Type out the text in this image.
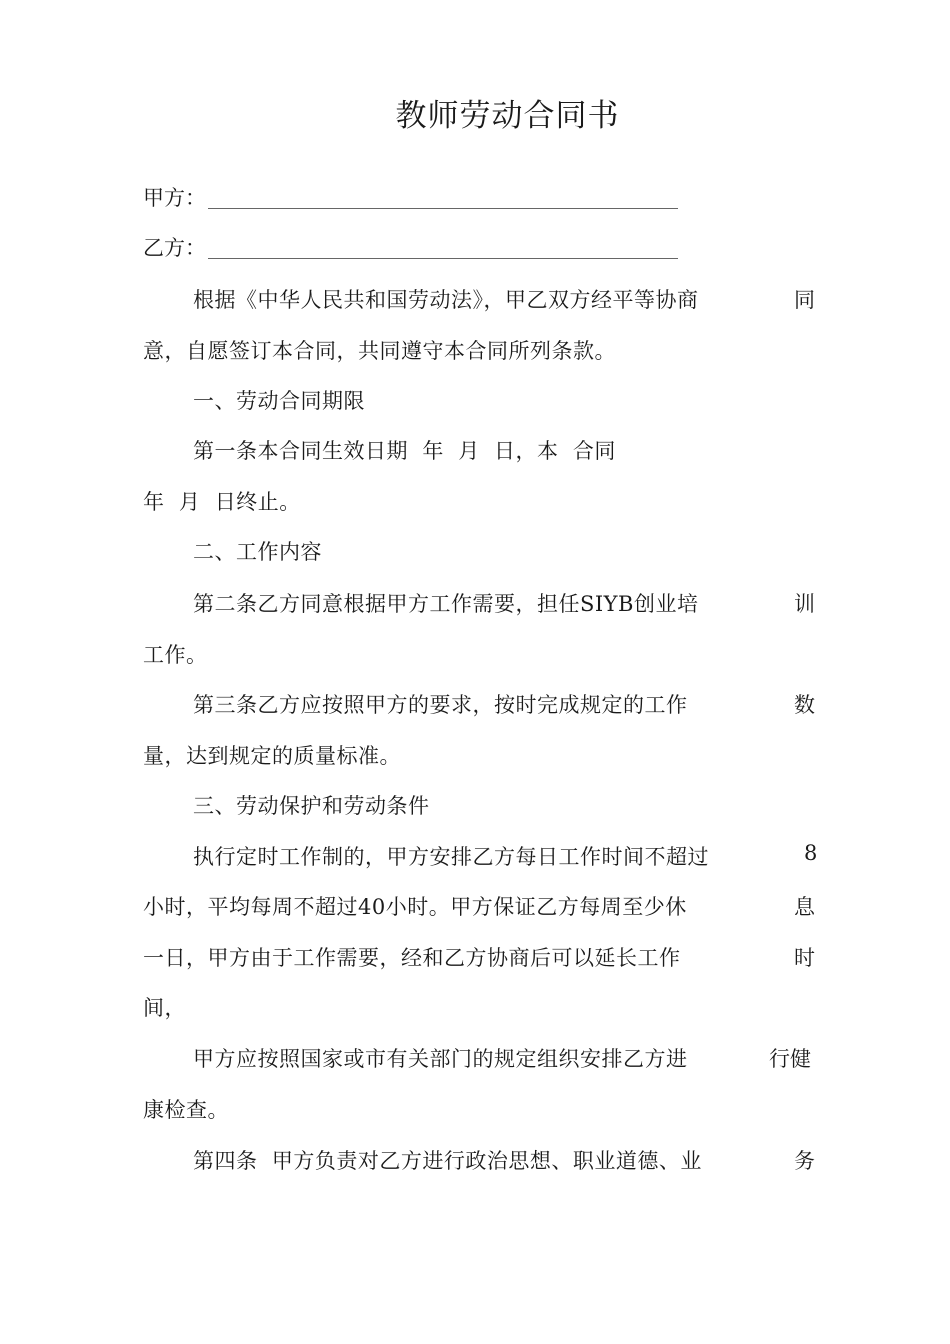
教师劳动合同书
甲方：
乙方：
根据《中华人民共和国劳动法》，甲乙双方经平等协商	同
意，自愿签订本合同，共同遵守本合同所列条款。
一、劳动合同期限
第一条本合同生效日期  年  月  日，本  合同
年  月  日终止。
二、工作内容
第二条乙方同意根据甲方工作需要，担任SIYB创业培	训
工作。
第三条乙方应按照甲方的要求，按时完成规定的工作	数
量，达到规定的质量标准。
三、劳动保护和劳动条件
执行定时工作制的，甲方安排乙方每日工作时间不超过	8
小时，平均每周不超过40小时。甲方保证乙方每周至少休	息
一日，甲方由于工作需要，经和乙方协商后可以延长工作	时
间，
甲方应按照国家或市有关部门的规定组织安排乙方进	行健
康检查。
第四条  甲方负责对乙方进行政治思想、职业道德、业	务
